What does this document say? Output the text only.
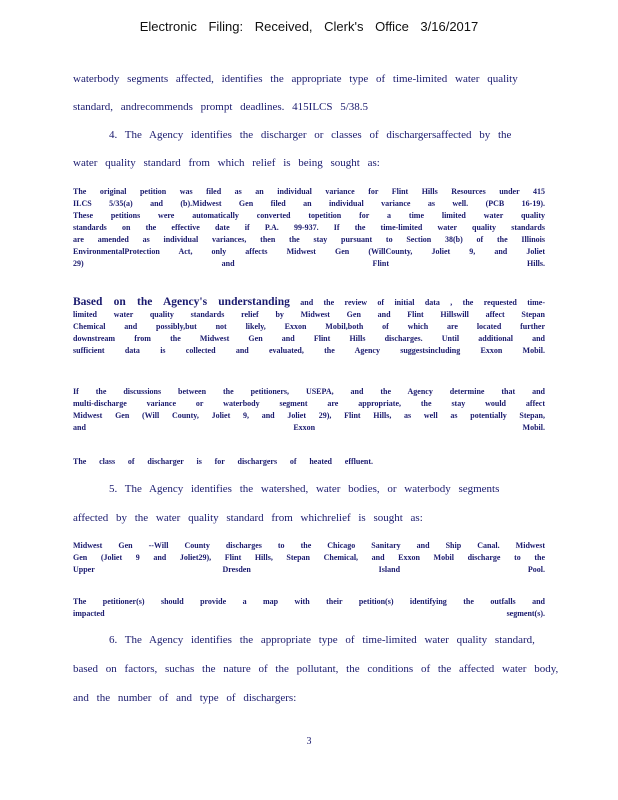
Electronic Filing: Received, Clerk's Office 3/16/2017
waterbody segments affected, identifies the appropriate type of time-limited water quality
standard, andrecommends prompt deadlines. 415ILCS 5/38.5
4. The Agency identifies the discharger or classes of dischargersaffected by the
water quality standard from which relief is being sought as:
The original petition was filed as an individual variance for Flint Hills Resources under 415
ILCS 5/35(a) and (b).Midwest Gen filed an individual variance as well. (PCB 16-19).
These petitions were automatically converted topetition for a time limited water quality
standards on the effective date if P.A. 99-937. If the time-limited water quality standards
are amended as individual variances, then the stay pursuant to Section 38(b) of the Illinois
EnvironmentalProtection Act, only affects Midwest Gen (WillCounty, Joliet 9, and Joliet
29) and Flint Hills.
Based on the Agency's understanding and the review of initial data , the requested time-
limited water quality standards relief by Midwest Gen and Flint Hillswill affect Stepan
Chemical and possibly,but not likely, Exxon Mobil,both of which are located further
downstream from the Midwest Gen and Flint Hills discharges. Until additional and
sufficient data is collected and evaluated, the Agency suggestsincluding Exxon Mobil.
If the discussions between the petitioners, USEPA, and the Agency determine that and
multi-discharge variance or waterbody segment are appropriate, the stay would affect
Midwest Gen (Will County, Joliet 9, and Joliet 29), Flint Hills, as well as potentially Stepan,
and Exxon Mobil.
The class of discharger is for dischargers of heated effluent.
5. The Agency identifies the watershed, water bodies, or waterbody segments
affected by the water quality standard from whichrelief is sought as:
Midwest Gen --Will County discharges to the Chicago Sanitary and Ship Canal. Midwest
Gen (Joliet 9 and Joliet29), Flint Hills, Stepan Chemical, and Exxon Mobil discharge to the
Upper Dresden Island Pool.
The petitioner(s) should provide a map with their petition(s) identifying the outfalls and
impacted segment(s).
6. The Agency identifies the appropriate type of time-limited water quality standard,
based on factors, suchas the nature of the pollutant, the conditions of the affected water body,
and the number of and type of dischargers:
3
